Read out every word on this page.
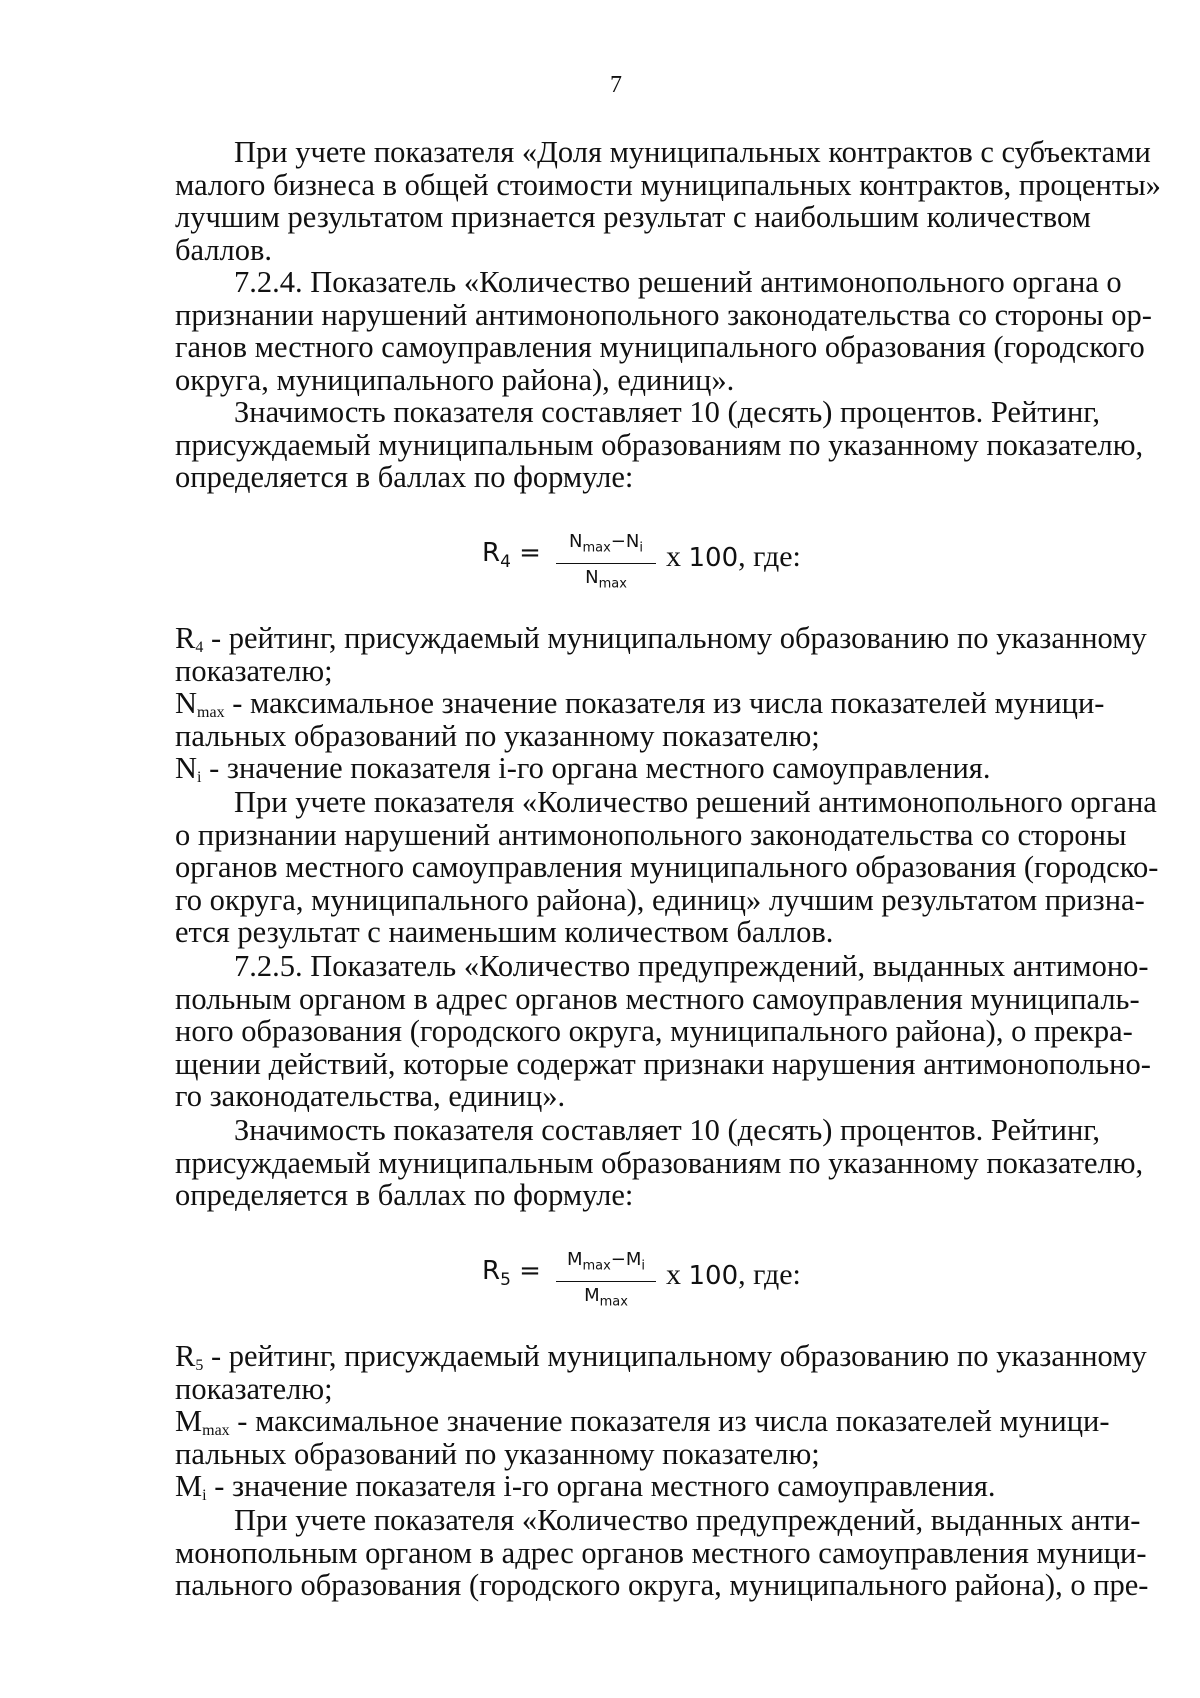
7
При учете показателя «Доля муниципальных контрактов с субъектами
малого бизнеса в общей стоимости муниципальных контрактов, проценты»
лучшим результатом признается результат с наибольшим количеством
баллов.
7.2.4. Показатель «Количество решений антимонопольного органа о
признании нарушений антимонопольного законодательства со стороны ор-
ганов местного самоуправления муниципального образования (городского
округа, муниципального района), единиц».
Значимость показателя составляет 10 (десять) процентов. Рейтинг,
присуждаемый муниципальным образованиям по указанному показателю,
определяется в баллах по формуле:
$R_4$ =	$N_{max}-N_i$
$N_{max}$
x 100, где:
$R_4$ - рейтинг, присуждаемый муниципальному образованию по указанному
показателю;
$N_{max}$ - максимальное значение показателя из числа показателей муници-
пальных образований по указанному показателю;
$N_i$ - значение показателя i-го органа местного самоуправления.
При учете показателя «Количество решений антимонопольного органа
о признании нарушений антимонопольного законодательства со стороны
органов местного самоуправления муниципального образования (городско-
го округа, муниципального района), единиц» лучшим результатом призна-
ется результат с наименьшим количеством баллов.
7.2.5. Показатель «Количество предупреждений, выданных антимоно-
польным органом в адрес органов местного самоуправления муниципаль-
ного образования (городского округа, муниципального района), о прекра-
щении действий, которые содержат признаки нарушения антимонопольно-
го законодательства, единиц».
Значимость показателя составляет 10 (десять) процентов. Рейтинг,
присуждаемый муниципальным образованиям по указанному показателю,
определяется в баллах по формуле:
$R_5$ =	$M_{max}-M_i$
$M_{max}$
x 100, где:
$R_5$ - рейтинг, присуждаемый муниципальному образованию по указанному
показателю;
$M_{max}$ - максимальное значение показателя из числа показателей муници-
пальных образований по указанному показателю;
$M_i$ - значение показателя i-го органа местного самоуправления.
При учете показателя «Количество предупреждений, выданных анти-
монопольным органом в адрес органов местного самоуправления муници-
пального образования (городского округа, муниципального района), о пре-
